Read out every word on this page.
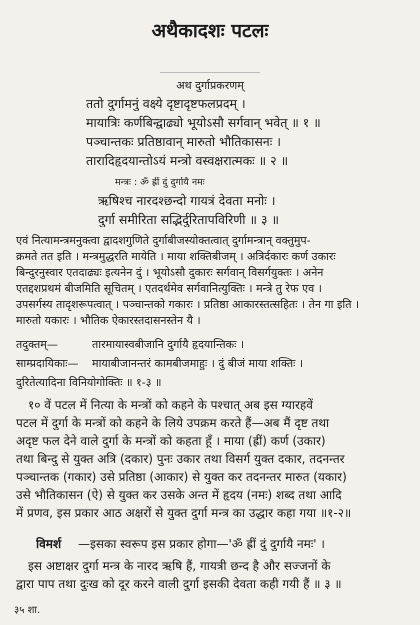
अथैकादशः पटलः
अथ दुर्गाप्रकरणम्
ततो दुर्गामनुं वक्ष्ये दृष्टादृष्टफलप्रदम् ।
मायात्रिः कर्णबिन्द्वाढ्यो भूयोऽसौ सर्गवान् भवेत् ॥ १ ॥
पञ्चान्तकः प्रतिष्ठावान् मारुतो भौतिकासनः ।
तारादिहृदयान्तोऽयं मन्त्रो वस्वक्षरात्मकः ॥ २ ॥
मन्त्रः : ॐ ह्रीं दुं दुर्गायै नमः
ऋषिश्च नारदश्छन्दो गायत्रं देवता मनोः ।
दुर्गा समीरिता सद्भिर्दुरितापविरिणी ॥ ३ ॥
एवं नित्यामन्त्रमनुक्त्वा द्वादशगुणिते दुर्गाबीजस्योक्तत्वात् दुर्गामन्त्रान् वक्तुमुप-
क्रमते तत इति । मन्त्रमुद्धरति मायेति । माया शक्तिबीजम् । अत्रिर्दकारः कर्ण उकारः
बिन्दुरनुस्वार एतदाढ्यः इत्यनेन दुं । भूयोऽसौ दुकारः सर्गवान् विसर्गयुक्तः । अनेन
एतद्दशप्रथमं बीजमिति सूचितम् । एतदर्थमेव सर्गवानित्युक्तिः । मन्त्रे तु रेफ एव ।
उपसर्गस्य तादृशरूपत्वात् । पञ्चान्तको गकारः । प्रतिष्ठा आकारस्तत्सहितः । तेन गा इति ।
मारुतो यकारः । भौतिक ऐकारस्तदासनस्तेन यै ।
तदुक्तम्—	तारमायास्वबीजानि दुर्गायै हृदयान्तिकः ।
साम्प्रदायिकाः—	मायाबीजानन्तरं कामबीजमाहुः । दुं बीजं माया शक्तिः ।
दुरितेत्यादिना विनियोगोक्तिः ॥ १-३ ॥
१० वें पटल में नित्या के मन्त्रों को कहने के पश्चात् अब इस ग्यारहवें
पटल में दुर्गा के मन्त्रों को कहने के लिये उपक्रम करते हैं—अब मैं दृष्ट तथा
अदृष्ट फल देने वाले दुर्गा के मन्त्रों को कहता हूँ । माया (ह्रीं) कर्ण (उकार)
तथा बिन्दु से युक्त अत्रि (दकार) पुनः उकार तथा विसर्ग युक्त दकार, तदनन्तर
पञ्चान्तक (गकार) उसे प्रतिष्ठा (आकार) से युक्त कर तदनन्तर मारुत (यकार)
उसे भौतिकासन (ऐ) से युक्त कर उसके अन्त में हृदय (नमः) शब्द तथा आदि
में प्रणव, इस प्रकार आठ अक्षरों से युक्त दुर्गा मन्त्र का उद्धार कहा गया ॥१-२॥
विमर्श	—इसका स्वरूप इस प्रकार होगा—'ॐ ह्रीं दुं दुर्गायै नमः' ।
इस अष्टाक्षर दुर्गा मन्त्र के नारद ऋषि हैं, गायत्री छन्द है और सज्जनों के
द्वारा पाप तथा दुःख को दूर करने वाली दुर्गा इसकी देवता कही गयी हैं ॥ ३ ॥
३५ शा.
